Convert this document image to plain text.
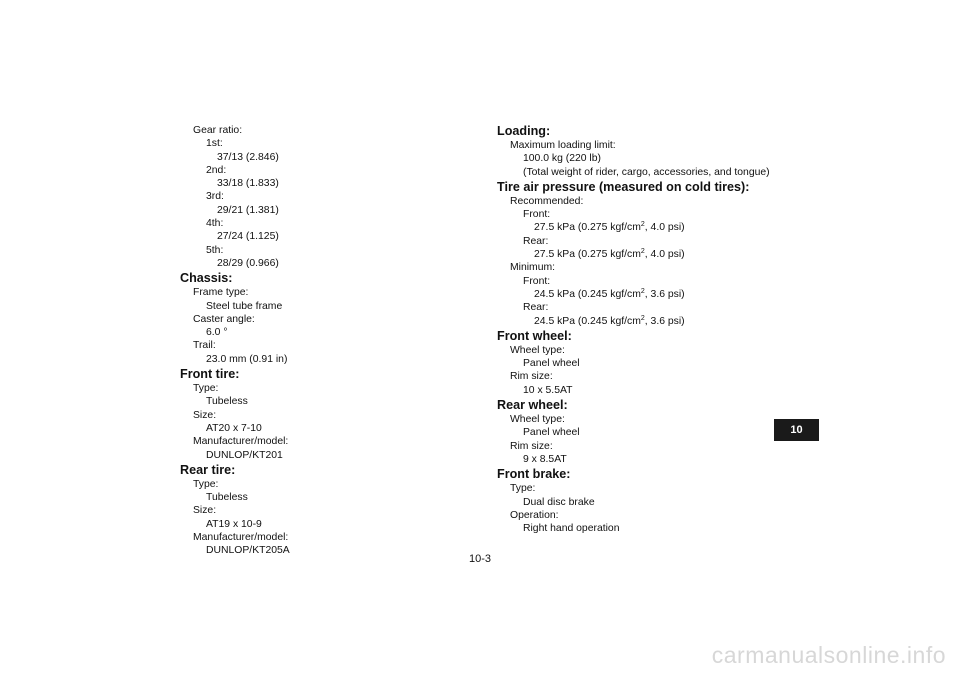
Gear ratio:
1st:
37/13 (2.846)
2nd:
33/18 (1.833)
3rd:
29/21 (1.381)
4th:
27/24 (1.125)
5th:
28/29 (0.966)
Chassis:
Frame type:
Steel tube frame
Caster angle:
6.0 °
Trail:
23.0 mm (0.91 in)
Front tire:
Type:
Tubeless
Size:
AT20 x 7-10
Manufacturer/model:
DUNLOP/KT201
Rear tire:
Type:
Tubeless
Size:
AT19 x 10-9
Manufacturer/model:
DUNLOP/KT205A
Loading:
Maximum loading limit:
100.0 kg (220 lb)
(Total weight of rider, cargo, accessories, and tongue)
Tire air pressure (measured on cold tires):
Recommended:
Front:
27.5 kPa (0.275 kgf/$cm^2$, 4.0 psi)
Rear:
27.5 kPa (0.275 kgf/$cm^2$, 4.0 psi)
Minimum:
Front:
24.5 kPa (0.245 kgf/$cm^2$, 3.6 psi)
Rear:
24.5 kPa (0.245 kgf/$cm^2$, 3.6 psi)
Front wheel:
Wheel type:
Panel wheel
Rim size:
10 x 5.5AT
Rear wheel:
Wheel type:
Panel wheel
Rim size:
9 x 8.5AT
Front brake:
Type:
Dual disc brake
Operation:
Right hand operation
10
10-3
carmanualsonline.info
